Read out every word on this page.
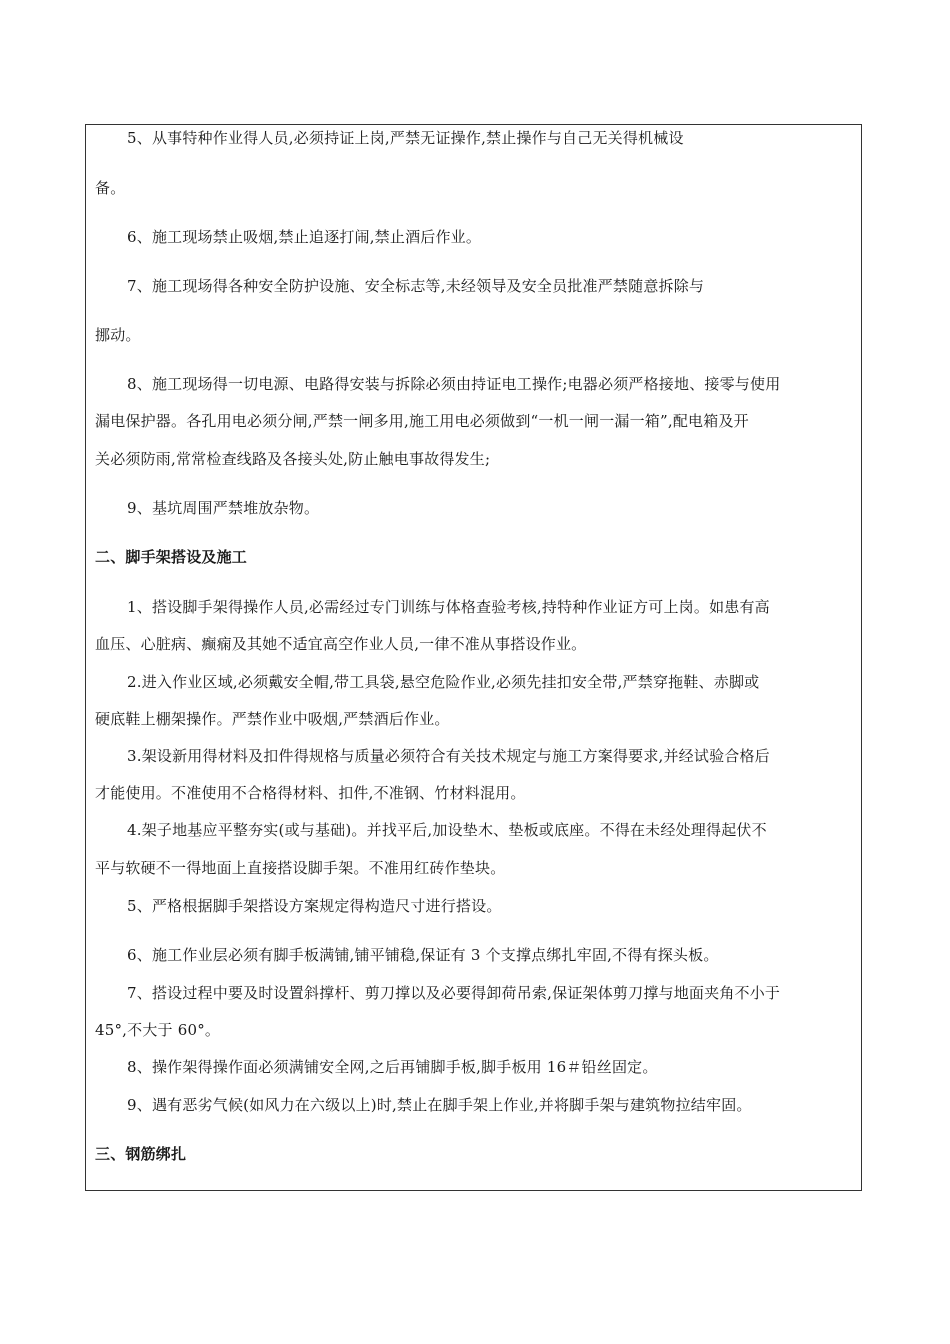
5、从事特种作业得人员,必须持证上岗,严禁无证操作,禁止操作与自己无关得机械设
备。
6、施工现场禁止吸烟,禁止追逐打闹,禁止酒后作业。
7、施工现场得各种安全防护设施、安全标志等,未经领导及安全员批准严禁随意拆除与
挪动。
8、施工现场得一切电源、电路得安装与拆除必须由持证电工操作;电器必须严格接地、接零与使用
漏电保护器。各孔用电必须分闸,严禁一闸多用,施工用电必须做到“一机一闸一漏一箱”,配电箱及开
关必须防雨,常常检查线路及各接头处,防止触电事故得发生;
9、基坑周围严禁堆放杂物。
二、脚手架搭设及施工
1、搭设脚手架得操作人员,必需经过专门训练与体格查验考核,持特种作业证方可上岗。如患有高
血压、心脏病、癫痫及其她不适宜高空作业人员,一律不准从事搭设作业。
2.进入作业区域,必须戴安全帽,带工具袋,悬空危险作业,必须先挂扣安全带,严禁穿拖鞋、赤脚或
硬底鞋上棚架操作。严禁作业中吸烟,严禁酒后作业。
3.架设新用得材料及扣件得规格与质量必须符合有关技术规定与施工方案得要求,并经试验合格后
才能使用。不准使用不合格得材料、扣件,不准钢、竹材料混用。
4.架子地基应平整夯实(或与基础)。并找平后,加设垫木、垫板或底座。不得在未经处理得起伏不
平与软硬不一得地面上直接搭设脚手架。不准用红砖作垫块。
5、严格根据脚手架搭设方案规定得构造尺寸进行搭设。
6、施工作业层必须有脚手板满铺,铺平铺稳,保证有 3 个支撑点绑扎牢固,不得有探头板。
7、搭设过程中要及时设置斜撑杆、剪刀撑以及必要得卸荷吊索,保证架体剪刀撑与地面夹角不小于
45°,不大于 60°。
8、操作架得操作面必须满铺安全网,之后再铺脚手板,脚手板用 16＃铅丝固定。
9、遇有恶劣气候(如风力在六级以上)时,禁止在脚手架上作业,并将脚手架与建筑物拉结牢固。
三、钢筋绑扎
